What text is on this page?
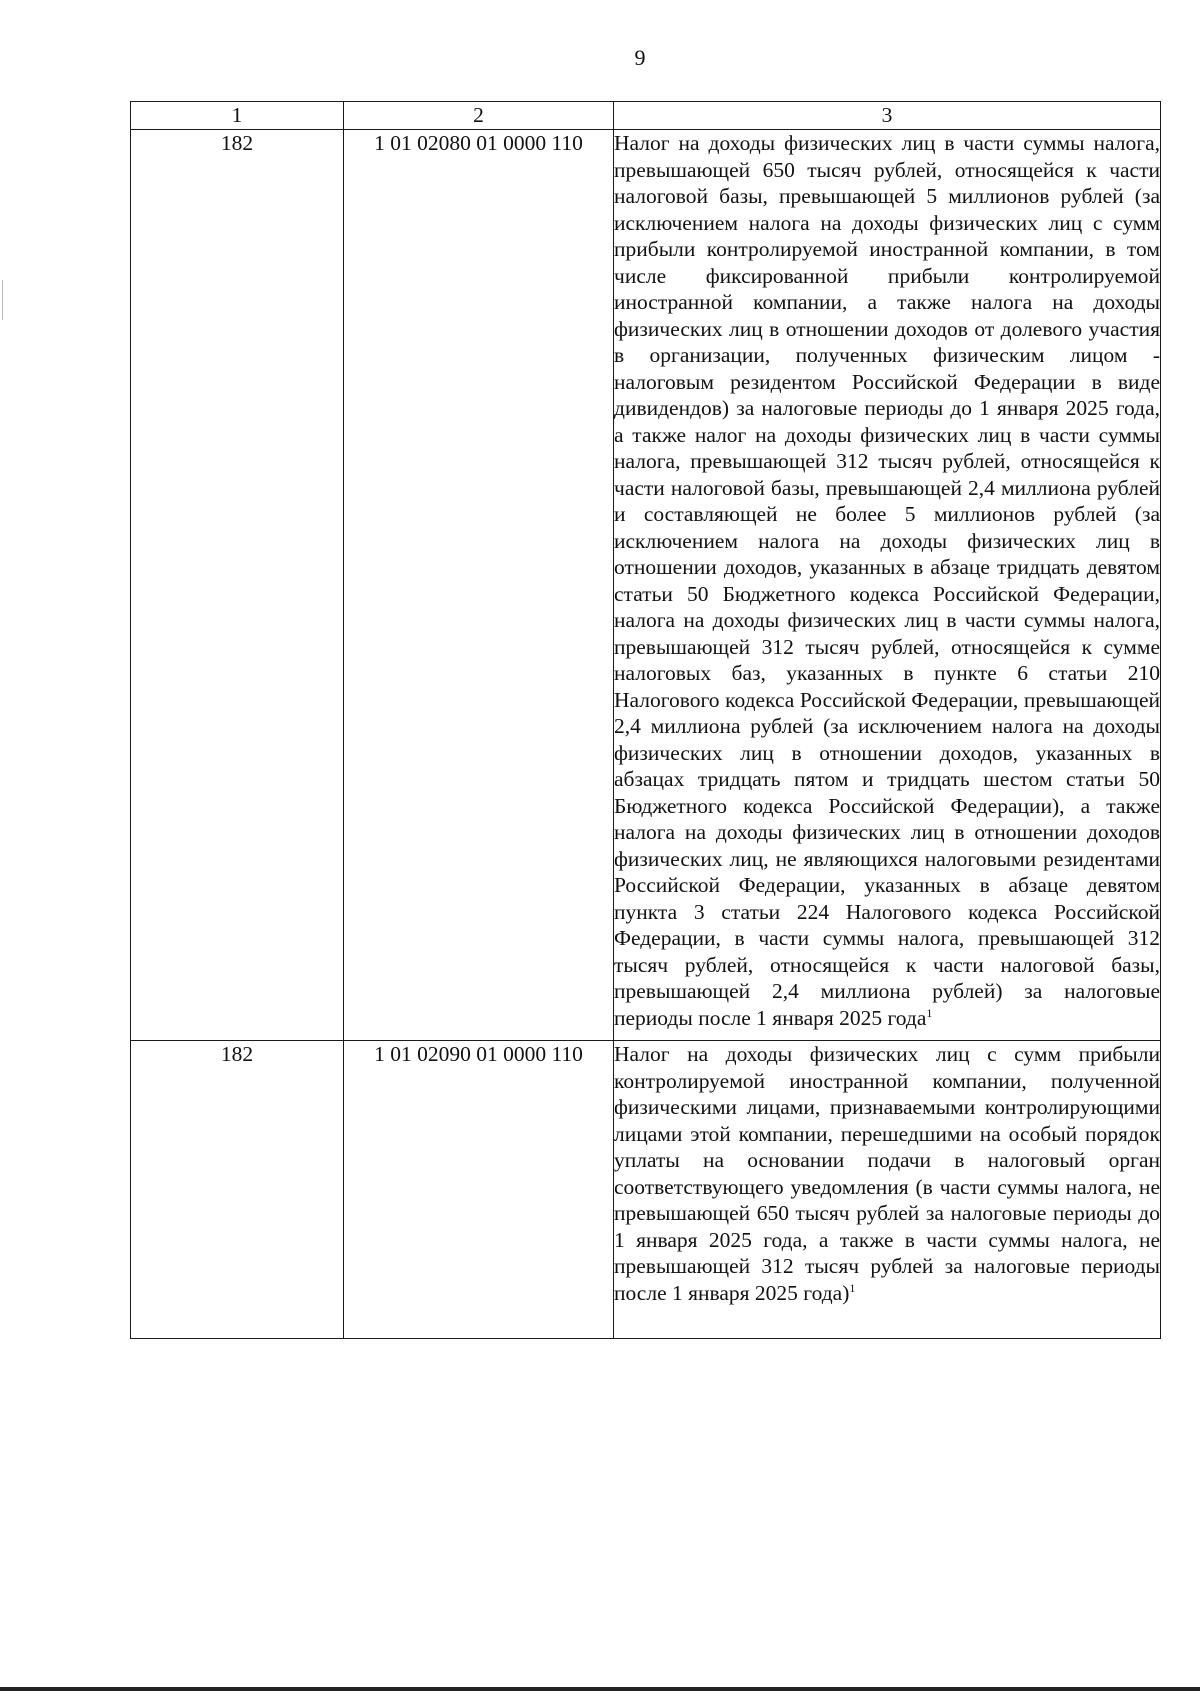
9
1	2	3
182	1 01 02080 01 0000 110	Налог на доходы физических лиц в части суммы налога, превышающей 650 тысяч рублей, относящейся к части налоговой базы, превышающей 5 миллионов рублей (за исключением налога на доходы физических лиц с сумм прибыли контролируемой иностранной компании, в том числе фиксированной прибыли контролируемой иностранной компании, а также налога на доходы физических лиц в отношении доходов от долевого участия в организации, полученных физическим лицом - налоговым резидентом Российской Федерации в виде дивидендов) за налоговые периоды до 1 января 2025 года, а также налог на доходы физических лиц в части суммы налога, превышающей 312 тысяч рублей, относящейся к части налоговой базы, превышающей 2,4 миллиона рублей и составляющей не более 5 миллионов рублей (за исключением налога на доходы физических лиц в отношении доходов, указанных в абзаце тридцать девятом статьи 50 Бюджетного кодекса Российской Федерации, налога на доходы физических лиц в части суммы налога, превышающей 312 тысяч рублей, относящейся к сумме налоговых баз, указанных в пункте 6 статьи 210 Налогового кодекса Российской Федерации, превышающей 2,4 миллиона рублей (за исключением налога на доходы физических лиц в отношении доходов, указанных в абзацах тридцать пятом и тридцать шестом статьи 50 Бюджетного кодекса Российской Федерации), а также налога на доходы физических лиц в отношении доходов физических лиц, не являющихся налоговыми резидентами Российской Федерации, указанных в абзаце девятом пункта 3 статьи 224 Налогового кодекса Российской Федерации, в части суммы налога, превышающей 312 тысяч рублей, относящейся к части налоговой базы, превышающей 2,4 миллиона рублей) за налоговые периоды после 1 января 2025 года$^1$
182	1 01 02090 01 0000 110	Налог на доходы физических лиц с сумм прибыли контролируемой иностранной компании, полученной физическими лицами, признаваемыми контролирующими лицами этой компании, перешедшими на особый порядок уплаты на основании подачи в налоговый орган соответствующего уведомления (в части суммы налога, не превышающей 650 тысяч рублей за налоговые периоды до 1 января 2025 года, а также в части суммы налога, не превышающей 312 тысяч рублей за налоговые периоды после 1 января 2025 года)$^1$
